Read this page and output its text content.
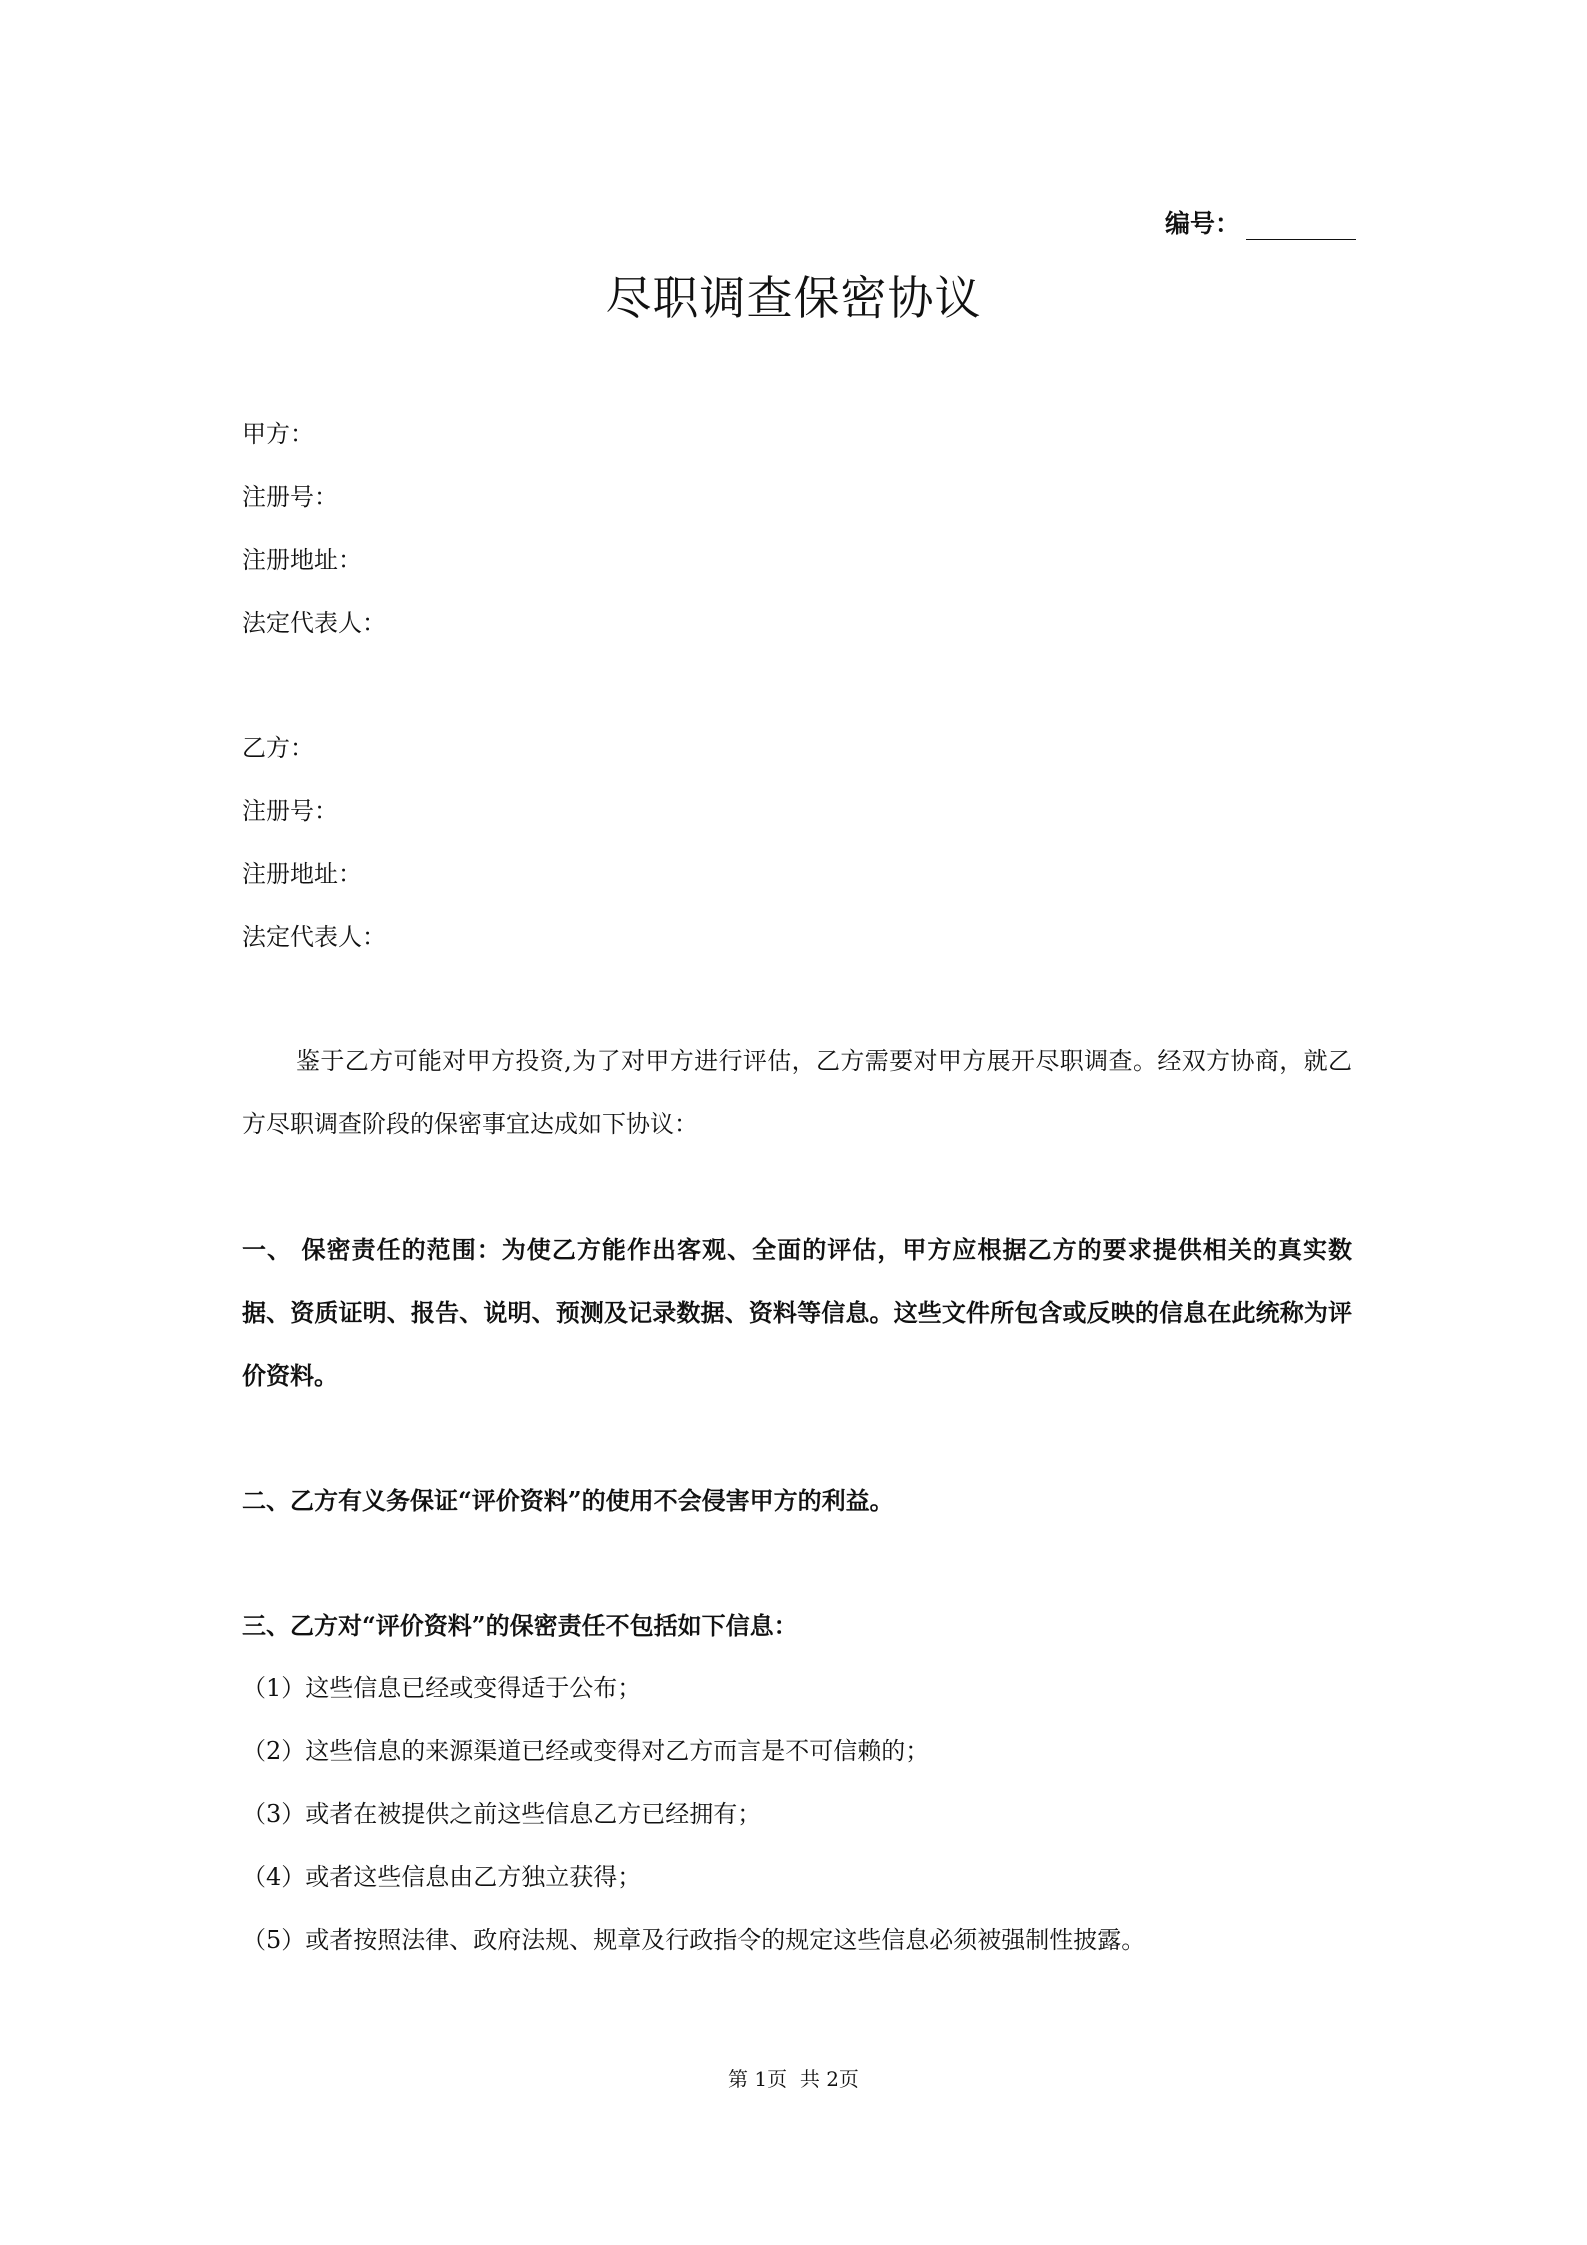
编号：
尽职调查保密协议
甲方：
注册号：
注册地址：
法定代表人：
乙方：
注册号：
注册地址：
法定代表人：

鉴于乙方可能对甲方投资,为了对甲方进行评估，乙方需要对甲方展开尽职调查。经双方协商，就乙方尽职调查阶段的保密事宜达成如下协议：

一、 保密责任的范围：为使乙方能作出客观、全面的评估，甲方应根据乙方的要求提供相关的真实数据、资质证明、报告、说明、预测及记录数据、资料等信息。这些文件所包含或反映的信息在此统称为评价资料。

二、乙方有义务保证“评价资料”的使用不会侵害甲方的利益。

三、乙方对“评价资料”的保密责任不包括如下信息：

（1）这些信息已经或变得适于公布；
（2）这些信息的来源渠道已经或变得对乙方而言是不可信赖的；
（3）或者在被提供之前这些信息乙方已经拥有；
（4）或者这些信息由乙方独立获得；
（5）或者按照法律、政府法规、规章及行政指令的规定这些信息必须被强制性披露。
第 1页  共 2页
